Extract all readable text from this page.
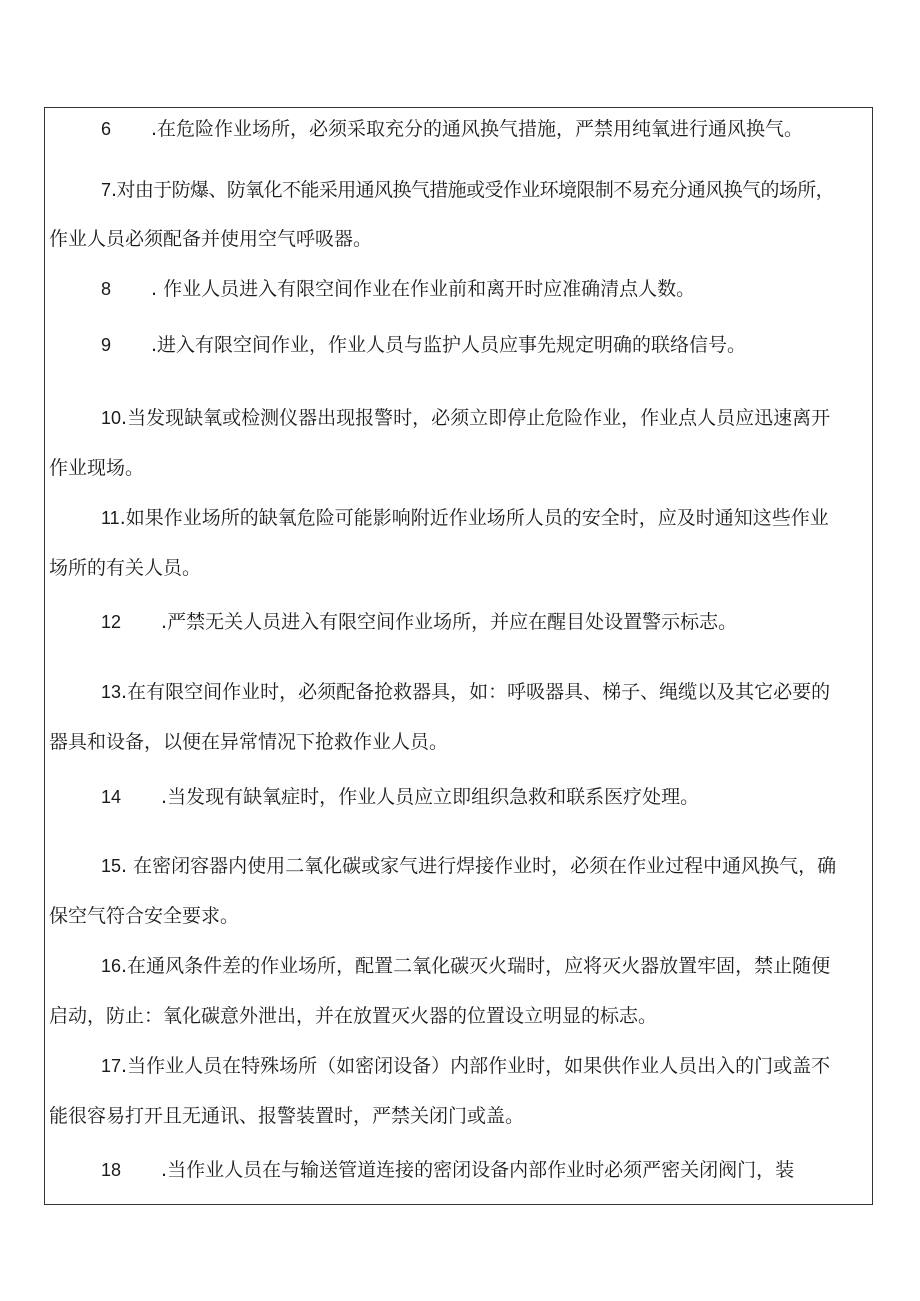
6 .在危险作业场所，必须采取充分的通风换气措施，严禁用纯氧进行通风换气。
7.对由于防爆、防氧化不能采用通风换气措施或受作业环境限制不易充分通风换气的场所，
作业人员必须配备并使用空气呼吸器。
8 . 作业人员进入有限空间作业在作业前和离开时应准确清点人数。
9 .进入有限空间作业，作业人员与监护人员应事先规定明确的联络信号。
10.当发现缺氧或检测仪器出现报警时，必须立即停止危险作业，作业点人员应迅速离开
作业现场。
11.如果作业场所的缺氧危险可能影响附近作业场所人员的安全时，应及时通知这些作业
场所的有关人员。
12 .严禁无关人员进入有限空间作业场所，并应在醒目处设置警示标志。
13.在有限空间作业时，必须配备抢救器具，如：呼吸器具、梯子、绳缆以及其它必要的
器具和设备，以便在异常情况下抢救作业人员。
14 .当发现有缺氧症时，作业人员应立即组织急救和联系医疗处理。
15. 在密闭容器内使用二氧化碳或家气进行焊接作业时，必须在作业过程中通风换气，确
保空气符合安全要求。
16.在通风条件差的作业场所，配置二氧化碳灭火瑞时，应将灭火器放置牢固，禁止随便
启动，防止：氧化碳意外泄出，并在放置灭火器的位置设立明显的标志。
17.当作业人员在特殊场所（如密闭设备）内部作业时，如果供作业人员出入的门或盖不
能很容易打开且无通讯、报警装置时，严禁关闭门或盖。
18 .当作业人员在与输送管道连接的密闭设备内部作业时必须严密关闭阀门，装
